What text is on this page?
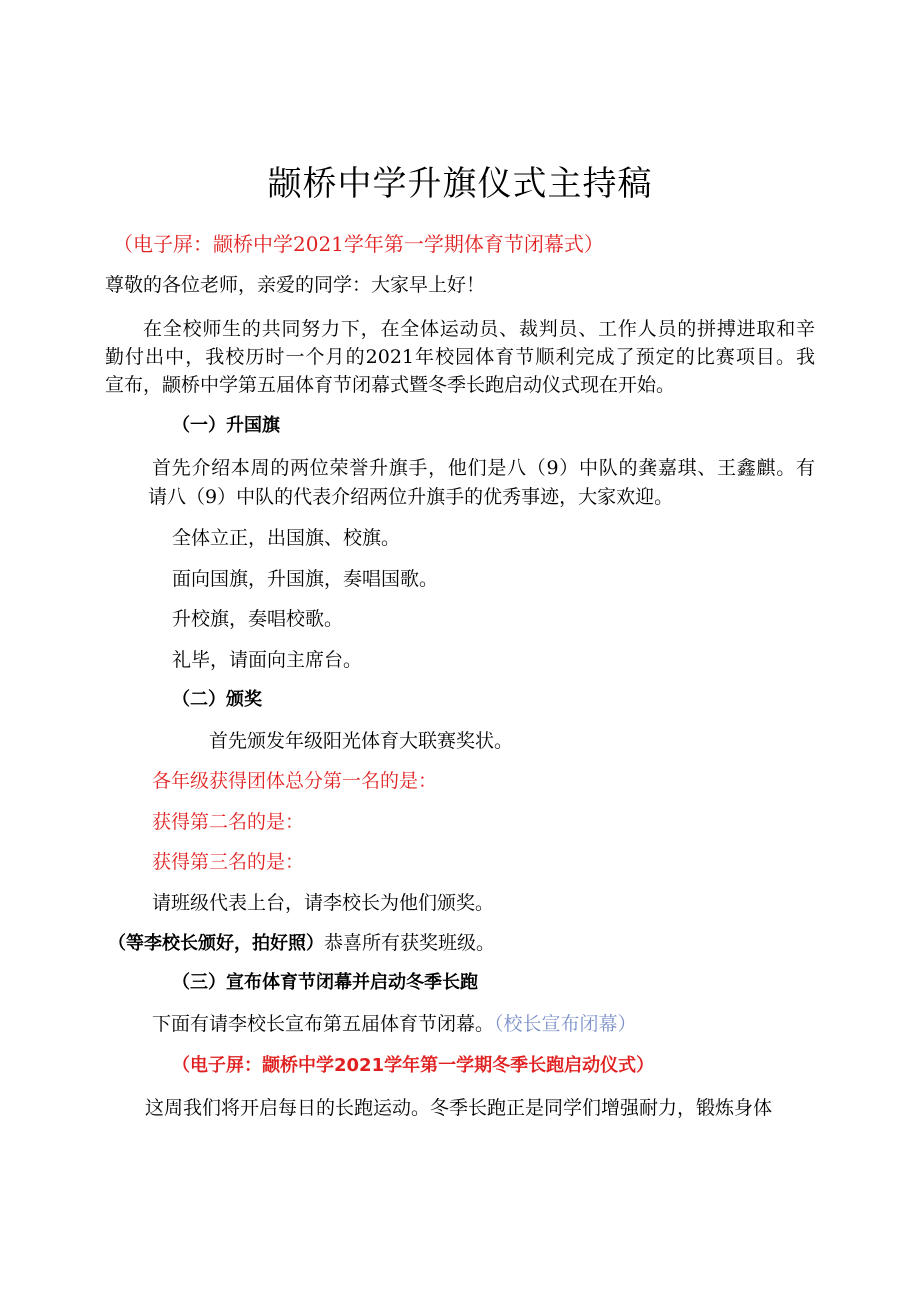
颛桥中学升旗仪式主持稿
（电子屏：颛桥中学2021学年第一学期体育节闭幕式）
尊敬的各位老师，亲爱的同学：大家早上好！
在全校师生的共同努力下，在全体运动员、裁判员、工作人员的拼搏进取和辛
勤付出中，我校历时一个月的2021年校园体育节顺利完成了预定的比赛项目。我
宣布，颛桥中学第五届体育节闭幕式暨冬季长跑启动仪式现在开始。
（一）升国旗
首先介绍本周的两位荣誉升旗手，他们是八（9）中队的龚嘉琪、王鑫麒。有
请八（9）中队的代表介绍两位升旗手的优秀事迹，大家欢迎。
全体立正，出国旗、校旗。
面向国旗，升国旗，奏唱国歌。
升校旗，奏唱校歌。
礼毕，请面向主席台。
（二）颁奖
首先颁发年级阳光体育大联赛奖状。
各年级获得团体总分第一名的是：
获得第二名的是：
获得第三名的是：
请班级代表上台，请李校长为他们颁奖。
（等李校长颁好，拍好照）恭喜所有获奖班级。
（三）宣布体育节闭幕并启动冬季长跑
下面有请李校长宣布第五届体育节闭幕。（校长宣布闭幕）
（电子屏：颛桥中学2021学年第一学期冬季长跑启动仪式）
这周我们将开启每日的长跑运动。冬季长跑正是同学们增强耐力，锻炼身体
